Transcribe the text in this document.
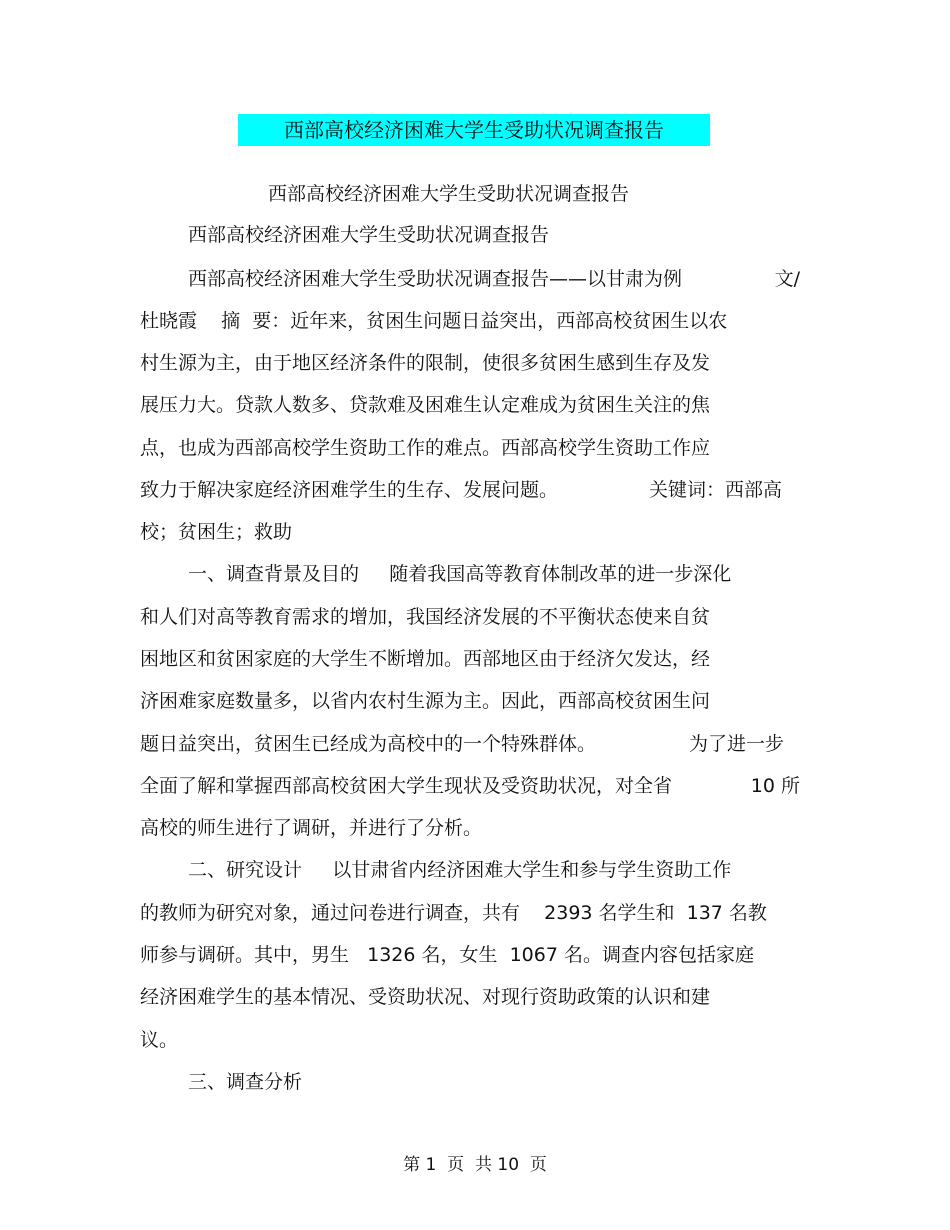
西部高校经济困难大学生受助状况调查报告
西部高校经济困难大学生受助状况调查报告
西部高校经济困难大学生受助状况调查报告
西部高校经济困难大学生受助状况调查报告——以甘肃为例	文/
杜晓霞    摘  要：近年来，贫困生问题日益突出，西部高校贫困生以农
村生源为主，由于地区经济条件的限制，使很多贫困生感到生存及发
展压力大。贷款人数多、贷款难及困难生认定难成为贫困生关注的焦
点，也成为西部高校学生资助工作的难点。西部高校学生资助工作应
致力于解决家庭经济困难学生的生存、发展问题。	关键词：西部高
校；贫困生；救助
一、调查背景及目的     随着我国高等教育体制改革的进一步深化
和人们对高等教育需求的增加，我国经济发展的不平衡状态使来自贫
困地区和贫困家庭的大学生不断增加。西部地区由于经济欠发达，经
济困难家庭数量多，以省内农村生源为主。因此，西部高校贫困生问
题日益突出，贫困生已经成为高校中的一个特殊群体。	为了进一步
全面了解和掌握西部高校贫困大学生现状及受资助状况，对全省	10 所
高校的师生进行了调研，并进行了分析。
二、研究设计     以甘肃省内经济困难大学生和参与学生资助工作
的教师为研究对象，通过问卷进行调查，共有    2393 名学生和  137 名教
师参与调研。其中，男生   1326 名，女生  1067 名。调查内容包括家庭
经济困难学生的基本情况、受资助状况、对现行资助政策的认识和建
议。
三、调查分析
第 1  页  共 10  页
